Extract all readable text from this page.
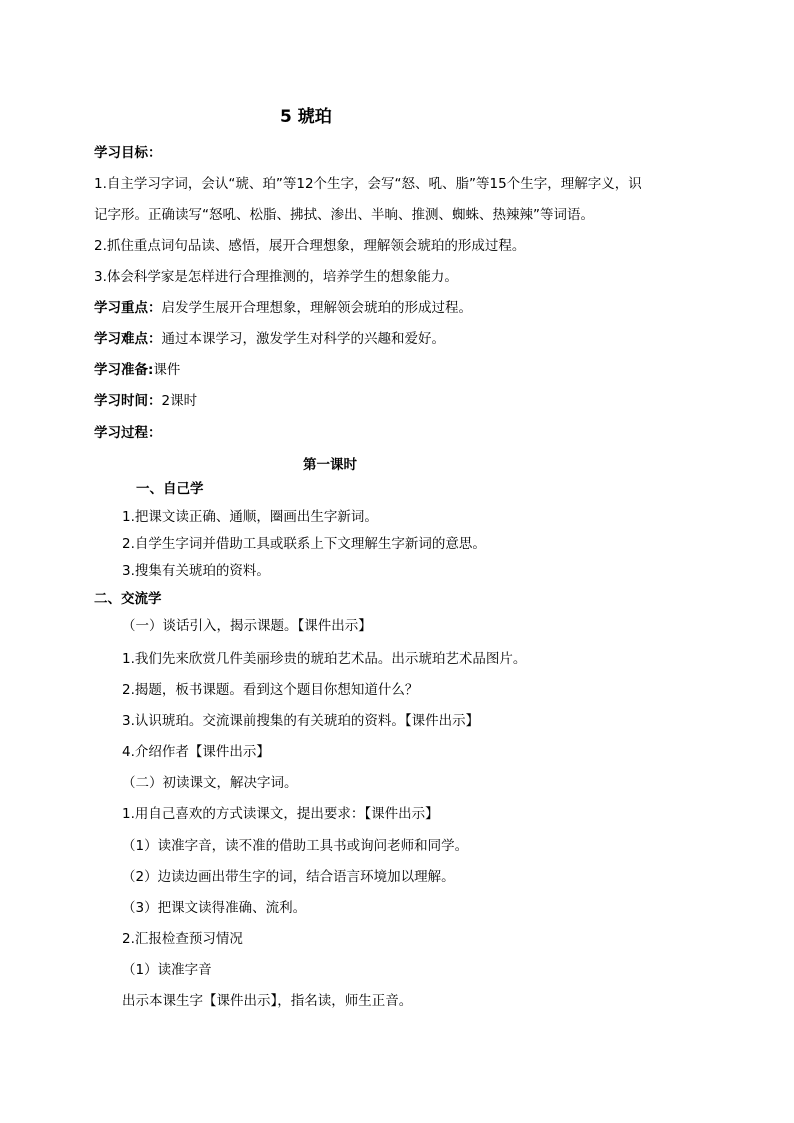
5 琥珀
学习目标：
1.自主学习字词，会认“琥、珀”等12个生字，会写“怒、吼、脂”等15个生字，理解字义，识
记字形。正确读写“怒吼、松脂、拂拭、渗出、半晌、推测、蜘蛛、热辣辣”等词语。
2.抓住重点词句品读、感悟，展开合理想象，理解领会琥珀的形成过程。
3.体会科学家是怎样进行合理推测的，培养学生的想象能力。
学习重点：启发学生展开合理想象，理解领会琥珀的形成过程。
学习难点：通过本课学习，激发学生对科学的兴趣和爱好。
学习准备:课件
学习时间：2课时
学习过程：
第一课时
一、自己学
1.把课文读正确、通顺，圈画出生字新词。
2.自学生字词并借助工具或联系上下文理解生字新词的意思。
3.搜集有关琥珀的资料。
二、交流学
（一）谈话引入，揭示课题。【课件出示】
1.我们先来欣赏几件美丽珍贵的琥珀艺术品。出示琥珀艺术品图片。
2.揭题，板书课题。看到这个题目你想知道什么？
3.认识琥珀。交流课前搜集的有关琥珀的资料。【课件出示】
4.介绍作者【课件出示】
（二）初读课文，解决字词。
1.用自己喜欢的方式读课文，提出要求：【课件出示】
（1）读准字音，读不准的借助工具书或询问老师和同学。
（2）边读边画出带生字的词，结合语言环境加以理解。
（3）把课文读得准确、流利。
2.汇报检查预习情况
（1）读准字音
出示本课生字【课件出示】，指名读，师生正音。
